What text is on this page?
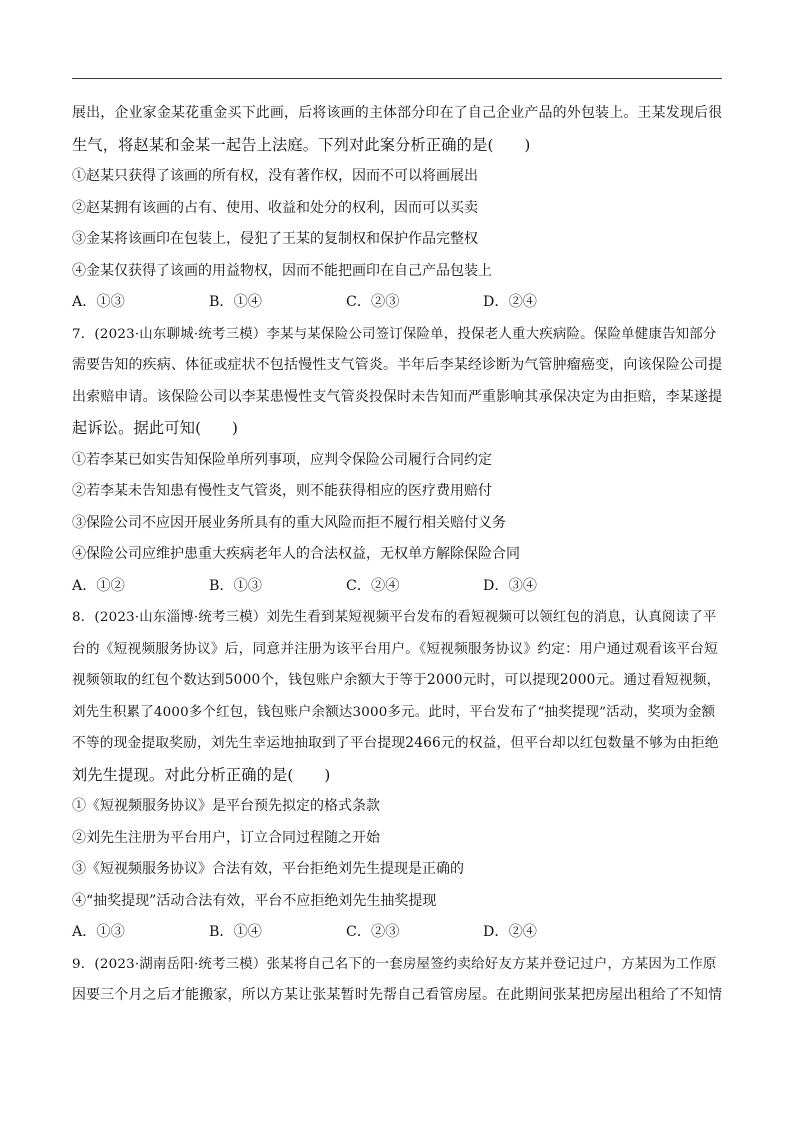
展出，企业家金某花重金买下此画，后将该画的主体部分印在了自己企业产品的外包装上。王某发现后很

生气，将赵某和金某一起告上法庭。下列对此案分析正确的是(　　)

①赵某只获得了该画的所有权，没有著作权，因而不可以将画展出

②赵某拥有该画的占有、使用、收益和处分的权利，因而可以买卖

③金某将该画印在包装上，侵犯了王某的复制权和保护作品完整权

④金某仅获得了该画的用益物权，因而不能把画印在自己产品包装上

A．①③	B．①④	C．②③	D．②④

7．(2023·山东聊城·统考三模）李某与某保险公司签订保险单，投保老人重大疾病险。保险单健康告知部分

需要告知的疾病、体征或症状不包括慢性支气管炎。半年后李某经诊断为气管肿瘤癌变，向该保险公司提

出索赔申请。该保险公司以李某患慢性支气管炎投保时未告知而严重影响其承保决定为由拒赔，李某遂提

起诉讼。据此可知(　　)

①若李某已如实告知保险单所列事项，应判令保险公司履行合同约定

②若李某未告知患有慢性支气管炎，则不能获得相应的医疗费用赔付

③保险公司不应因开展业务所具有的重大风险而拒不履行相关赔付义务

④保险公司应维护患重大疾病老年人的合法权益，无权单方解除保险合同

A．①②	B．①③	C．②④	D．③④

8．(2023·山东淄博·统考三模）刘先生看到某短视频平台发布的看短视频可以领红包的消息，认真阅读了平

台的《短视频服务协议》后，同意并注册为该平台用户。《短视频服务协议》约定：用户通过观看该平台短

视频领取的红包个数达到5000个，钱包账户余额大于等于2000元时，可以提现2000元。通过看短视频，

刘先生积累了4000多个红包，钱包账户余额达3000多元。此时，平台发布了“抽奖提现”活动，奖项为金额

不等的现金提取奖励，刘先生幸运地抽取到了平台提现2466元的权益，但平台却以红包数量不够为由拒绝

刘先生提现。对此分析正确的是(　　)

①《短视频服务协议》是平台预先拟定的格式条款

②刘先生注册为平台用户，订立合同过程随之开始

③《短视频服务协议》合法有效，平台拒绝刘先生提现是正确的

④“抽奖提现”活动合法有效，平台不应拒绝刘先生抽奖提现

A．①③	B．①④	C．②③	D．②④

9．(2023·湖南岳阳·统考三模）张某将自己名下的一套房屋签约卖给好友方某并登记过户，方某因为工作原

因要三个月之后才能搬家，所以方某让张某暂时先帮自己看管房屋。在此期间张某把房屋出租给了不知情
